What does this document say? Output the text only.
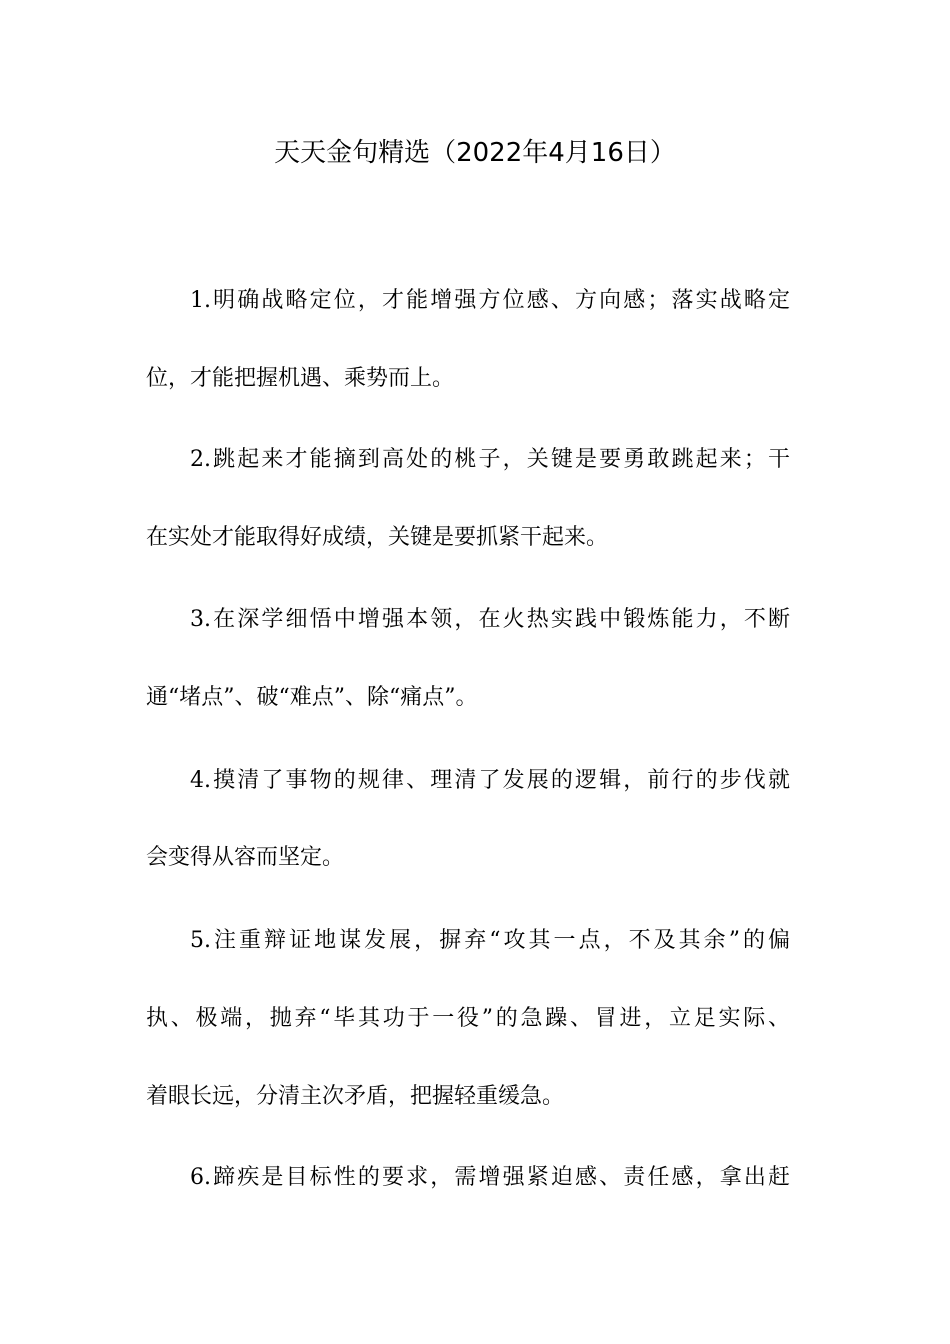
天天金句精选（2022年4月16日）
1.明确战略定位，才能增强方位感、方向感；落实战略定
位，才能把握机遇、乘势而上。
2.跳起来才能摘到高处的桃子，关键是要勇敢跳起来；干
在实处才能取得好成绩，关键是要抓紧干起来。
3.在深学细悟中增强本领，在火热实践中锻炼能力，不断
通“堵点”、破“难点”、除“痛点”。
4.摸清了事物的规律、理清了发展的逻辑，前行的步伐就
会变得从容而坚定。
5.注重辩证地谋发展，摒弃“攻其一点，不及其余”的偏
执、极端，抛弃“毕其功于一役”的急躁、冒进，立足实际、
着眼长远，分清主次矛盾，把握轻重缓急。
6.蹄疾是目标性的要求，需增强紧迫感、责任感，拿出赶
